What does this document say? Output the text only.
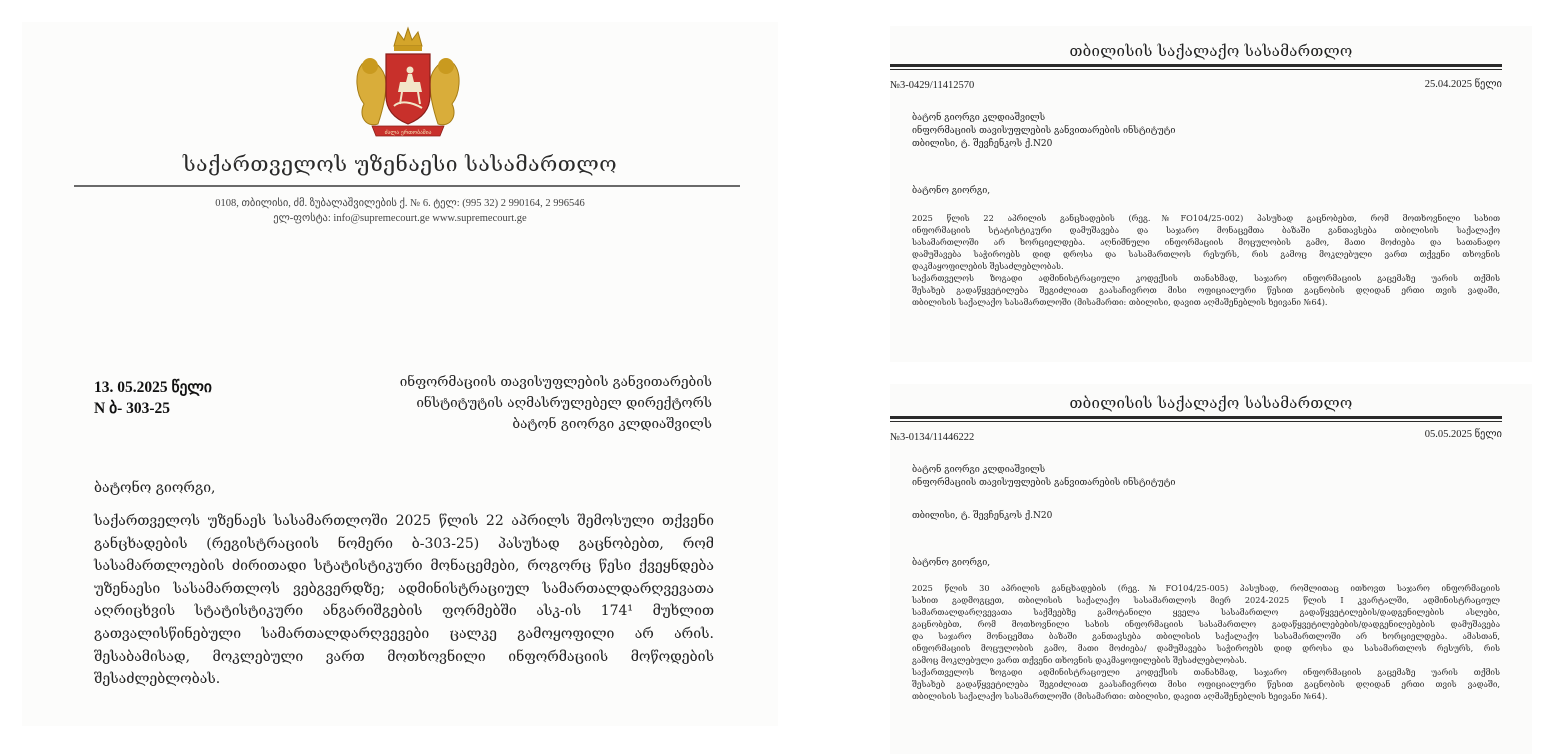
ძალა ერთობაშია
საქართველოს უზენაესი სასამართლო
0108, თბილისი, ძმ. ზუბალაშვილების ქ. № 6. ტელ: (995 32) 2 990164, 2 996546
ელ-ფოსტა: info@supremecourt.ge www.supremecourt.ge
13. 05.2025 წელი
N ბ- 303-25
ინფორმაციის თავისუფლების განვითარების
ინსტიტუტის აღმასრულებელ დირექტორს
ბატონ გიორგი კლდიაშვილს
ბატონო გიორგი,
საქართველოს უზენაეს სასამართლოში 2025 წლის 22 აპრილს შემოსული თქვენი
განცხადების (რეგისტრაციის ნომერი ბ-303-25) პასუხად გაცნობებთ, რომ
სასამართლოების ძირითადი სტატისტიკური მონაცემები, როგორც წესი ქვეყნდება
უზენაესი სასამართლოს ვებგვერდზე; ადმინისტრაციულ სამართალდარღვევათა
აღრიცხვის სტატისტიკური ანგარიშგების ფორმებში ასკ-ის 174¹ მუხლით
გათვალისწინებული სამართალდარღვევები ცალკე გამოყოფილი არ არის.
შესაბამისად, მოკლებული ვართ მოთხოვნილი ინფორმაციის მოწოდების
შესაძლებლობას.
თბილისის საქალაქო სასამართლო
№3-0429/11412570	25.04.2025 წელი
ბატონ გიორგი კლდიაშვილს
ინფორმაციის თავისუფლების განვითარების ინსტიტუტი
თბილისი, ტ. შევჩენკოს ქ.N20
ბატონო გიორგი,
2025 წლის 22 აპრილის განცხადების (რეგ.№FO104/25-002) პასუხად გაცნობებთ, რომ მოთხოვნილი სახით
ინფორმაციის სტატისტიკური დამუშავება და საჯარო მონაცემთა ბაზაში განთავსება თბილისის საქალაქო
სასამართლოში არ ხორციელდება. აღნიშნული ინფორმაციის მოცულობის გამო, მათი მოძიება და სათანადო
დამუშავება საჭიროებს დიდ დროსა და სასამართლოს რესურს, რის გამოც მოკლებული ვართ თქვენი თხოვნის
დაკმაყოფილების შესაძლებლობას.
საქართველოს ზოგადი ადმინისტრაციული კოდექსის თანახმად, საჯარო ინფორმაციის გაცემაზე უარის თქმის
შესახებ გადაწყვეტილება შეგიძლიათ გაასაჩივროთ მისი ოფიციალური წესით გაცნობის დღიდან ერთი თვის ვადაში,
თბილისის საქალაქო სასამართლოში (მისამართი: თბილისი, დავით აღმაშენებლის ხეივანი №64).
თბილისის საქალაქო სასამართლო
№3-0134/11446222	05.05.2025 წელი
ბატონ გიორგი კლდიაშვილს
ინფორმაციის თავისუფლების განვითარების ინსტიტუტი
თბილისი, ტ. შევჩენკოს ქ.N20
ბატონო გიორგი,
2025 წლის 30 აპრილის განცხადების (რეგ.№FO104/25-005) პასუხად, რომლითაც ითხოვთ საჯარო ინფორმაციის
სახით გადმოგცეთ, თბილისის საქალაქო სასამართლოს მიერ 2024-2025 წლის I კვარტალში, ადმინისტრაციულ
სამართალდარღვევათა საქმეებზე გამოტანილი ყველა სასამართლო გადაწყვეტილების/დადგენილების ასლები,
გაცნობებთ, რომ მოთხოვნილი სახის ინფორმაციის სასამართლო გადაწყვეტილებების/დადგენილებების დამუშავება
და საჯარო მონაცემთა ბაზაში განთავსება თბილისის საქალაქო სასამართლოში არ ხორციელდება. ამასთან,
ინფორმაციის მოცულობის გამო, მათი მოძიება/ დამუშავება საჭიროებს დიდ დროსა და სასამართლოს რესურს, რის
გამოც მოკლებული ვართ თქვენი თხოვნის დაკმაყოფილების შესაძლებლობას.
საქართველოს ზოგადი ადმინისტრაციული კოდექსის თანახმად, საჯარო ინფორმაციის გაცემაზე უარის თქმის
შესახებ გადაწყვეტილება შეგიძლიათ გაასაჩივროთ მისი ოფიციალური წესით გაცნობის დღიდან ერთი თვის ვადაში,
თბილისის საქალაქო სასამართლოში (მისამართი: თბილისი, დავით აღმაშენებლის ხეივანი №64).
